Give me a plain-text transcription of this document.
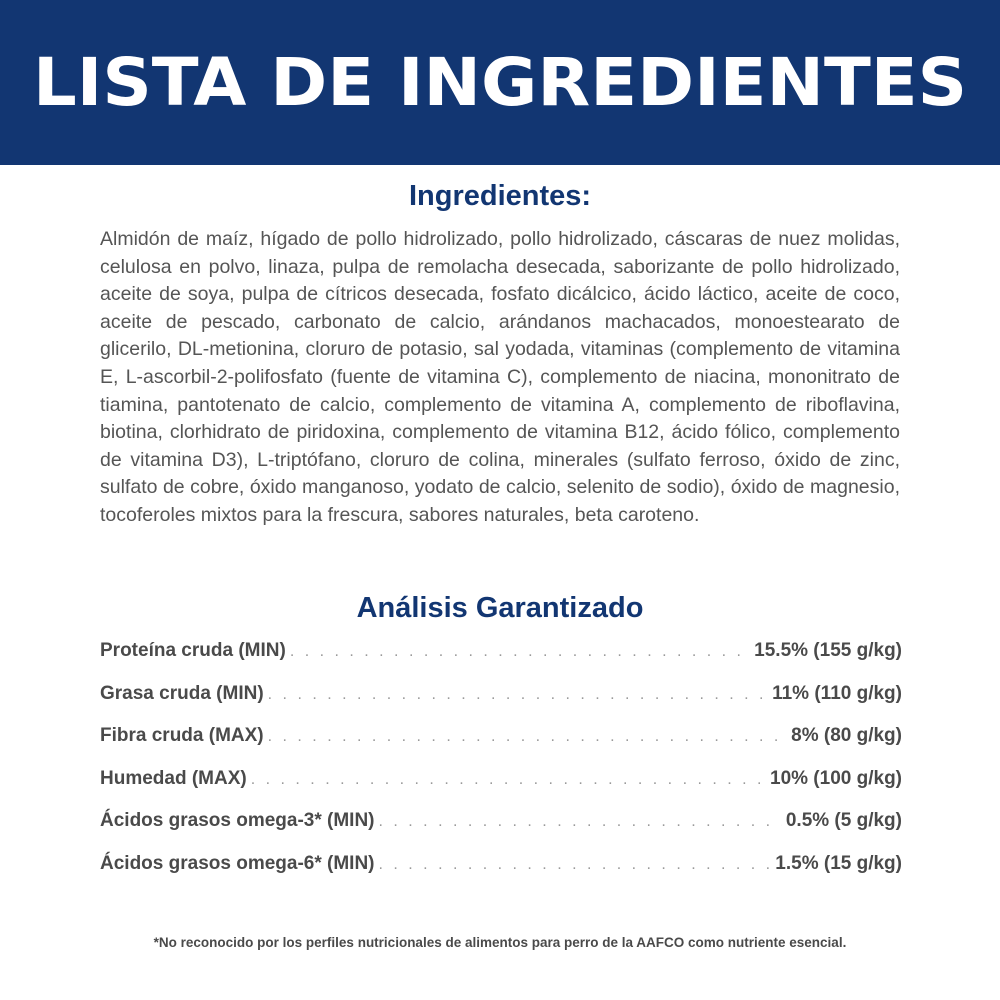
LISTA DE INGREDIENTES
Ingredientes:

Almidón de maíz, hígado de pollo hidrolizado, pollo hidrolizado, cáscaras de nuez molidas, celulosa en polvo, linaza, pulpa de remolacha desecada, saborizante de pollo hidrolizado, aceite de soya, pulpa de cítricos desecada, fosfato dicálcico, ácido láctico, aceite de coco, aceite de pescado, carbonato de calcio, arándanos machacados, monoestearato de glicerilo, DL-metionina, cloruro de potasio, sal yodada, vitaminas (complemento de vitamina E, L-ascorbil-2-polifosfato (fuente de vitamina C), complemento de niacina, mononitrato de tiamina, pantotenato de calcio, complemento de vitamina A, complemento de riboflavina, biotina, clorhidrato de piridoxina, complemento de vitamina B12, ácido fólico, complemento de vitamina D3), L-triptófano, cloruro de colina, minerales (sulfato ferroso, óxido de zinc, sulfato de cobre, óxido manganoso, yodato de calcio, selenito de sodio), óxido de magnesio, tocoferoles mixtos para la frescura, sabores naturales, beta caroteno.

Análisis Garantizado
Proteína cruda (MIN) . . .	15.5% (155 g/kg)
Grasa cruda (MIN) . . .	11% (110 g/kg)
Fibra cruda (MAX) . . .	8% (80 g/kg)
Humedad (MAX) . . .	10% (100 g/kg)
Ácidos grasos omega-3* (MIN) . . .	0.5% (5 g/kg)
Ácidos grasos omega-6* (MIN) . . .	1.5% (15 g/kg)

*No reconocido por los perfiles nutricionales de alimentos para perro de la AAFCO como nutriente esencial.
